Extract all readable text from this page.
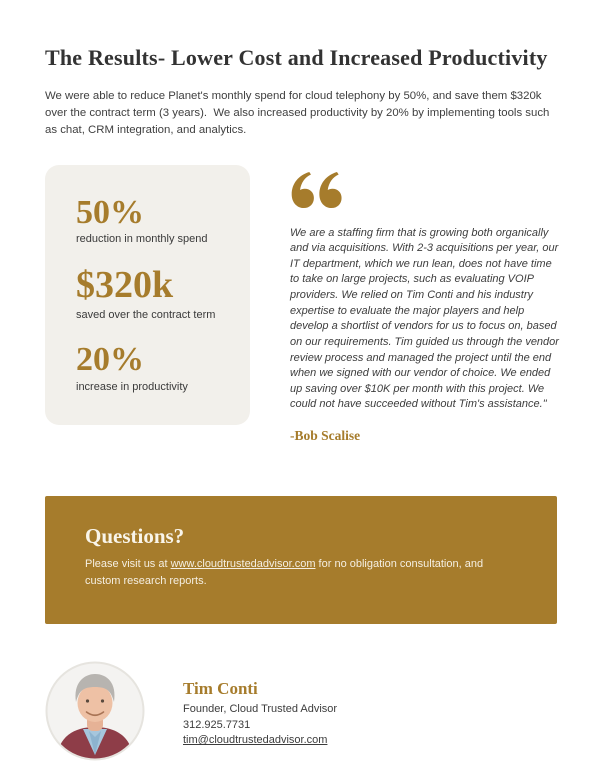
The Results- Lower Cost and Increased Productivity

We were able to reduce Planet's monthly spend for cloud telephony by 50%, and save them $320k over the contract term (3 years).  We also increased productivity by 20% by implementing tools such as chat, CRM integration, and analytics.

50%
reduction in monthly spend
$320k
saved over the contract term
20%
increase in productivity
We are a staffing firm that is growing both organically and via acquisitions. With 2-3 acquisitions per year, our IT department, which we run lean, does not have time to take on large projects, such as evaluating VOIP providers. We relied on Tim Conti and his industry expertise to evaluate the major players and help develop a shortlist of vendors for us to focus on, based on our requirements. Tim guided us through the vendor review process and managed the project until the end when we signed with our vendor of choice. We ended up saving over $10K per month with this project. We could not have succeeded without Tim's assistance."
-Bob Scalise
Questions?
Please visit us at www.cloudtrustedadvisor.com for no obligation consultation, and custom research reports.
Tim Conti
Founder, Cloud Trusted Advisor
312.925.7731
tim@cloudtrustedadvisor.com
